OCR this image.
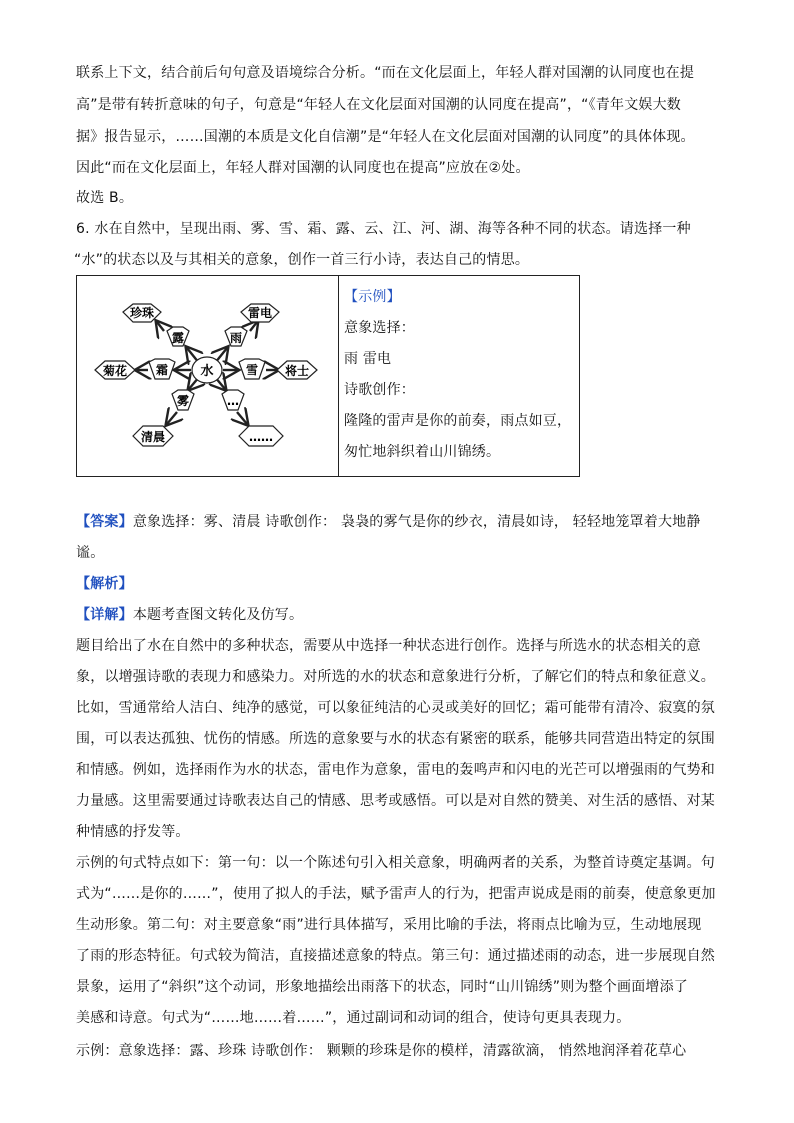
联系上下文，结合前后句句意及语境综合分析。“而在文化层面上，年轻人群对国潮的认同度也在提
高”是带有转折意味的句子，句意是“年轻人在文化层面对国潮的认同度在提高”，“《青年文娱大数
据》报告显示，……国潮的本质是文化自信潮”是“年轻人在文化层面对国潮的认同度”的具体体现。
因此“而在文化层面上，年轻人群对国潮的认同度也在提高”应放在②处。
故选 B。
6. 水在自然中，呈现出雨、雾、雪、霜、露、云、江、河、湖、海等各种不同的状态。请选择一种
“水”的状态以及与其相关的意象，创作一首三行小诗，表达自己的情思。
水
露	雨
霜	雪
雾	…
珍珠	雷电
菊花	将士
清晨	……

【示例】
意象选择：
雨 雷电
诗歌创作：
隆隆的雷声是你的前奏，雨点如豆，
匆忙地斜织着山川锦绣。
【答案】意象选择：雾、清晨 诗歌创作： 袅袅的雾气是你的纱衣，清晨如诗， 轻轻地笼罩着大地静
谧。
【解析】
【详解】本题考查图文转化及仿写。
题目给出了水在自然中的多种状态，需要从中选择一种状态进行创作。选择与所选水的状态相关的意
象，以增强诗歌的表现力和感染力。对所选的水的状态和意象进行分析，了解它们的特点和象征意义。
比如，雪通常给人洁白、纯净的感觉，可以象征纯洁的心灵或美好的回忆；霜可能带有清冷、寂寞的氛
围，可以表达孤独、忧伤的情感。所选的意象要与水的状态有紧密的联系，能够共同营造出特定的氛围
和情感。例如，选择雨作为水的状态，雷电作为意象，雷电的轰鸣声和闪电的光芒可以增强雨的气势和
力量感。这里需要通过诗歌表达自己的情感、思考或感悟。可以是对自然的赞美、对生活的感悟、对某
种情感的抒发等。
示例的句式特点如下：第一句：以一个陈述句引入相关意象，明确两者的关系，为整首诗奠定基调。句
式为“……是你的……”，使用了拟人的手法，赋予雷声人的行为，把雷声说成是雨的前奏，使意象更加
生动形象。第二句：对主要意象“雨”进行具体描写，采用比喻的手法，将雨点比喻为豆，生动地展现
了雨的形态特征。句式较为简洁，直接描述意象的特点。第三句：通过描述雨的动态，进一步展现自然
景象，运用了“斜织”这个动词，形象地描绘出雨落下的状态，同时“山川锦绣”则为整个画面增添了
美感和诗意。句式为“……地……着……”，通过副词和动词的组合，使诗句更具表现力。
示例：意象选择：露、珍珠 诗歌创作： 颗颗的珍珠是你的模样，清露欲滴， 悄然地润泽着花草心
